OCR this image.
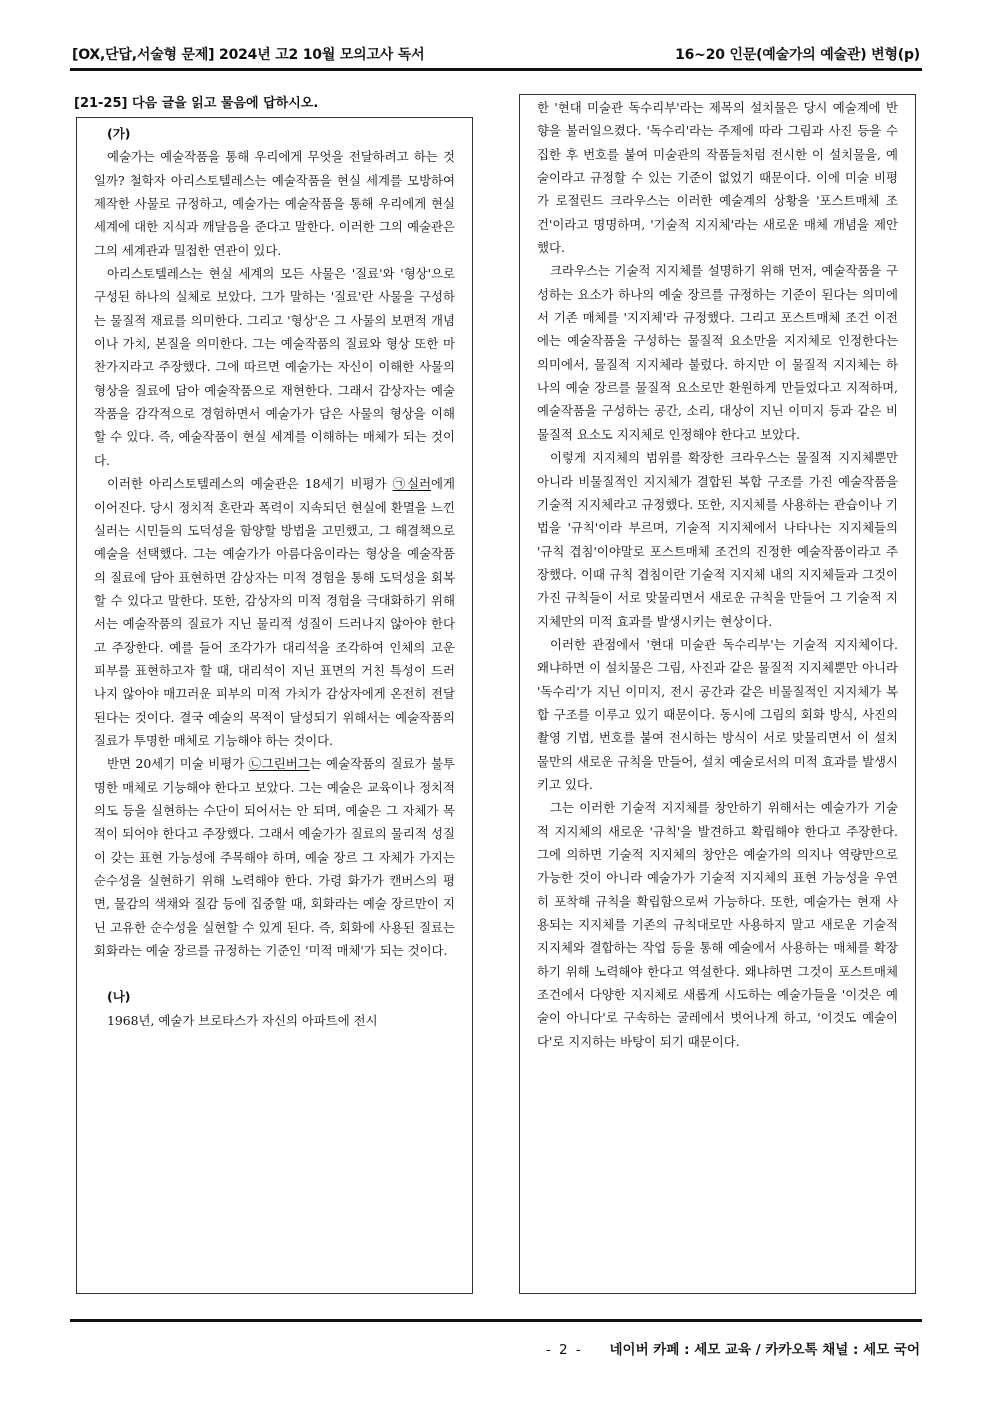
[OX,단답,서술형 문제] 2024년 고2 10월 모의고사 독서	16~20 인문(예술가의 예술관) 변형(p)
[21-25] 다음 글을 읽고 물음에 답하시오.

(가)

예술가는 예술작품을 통해 우리에게 무엇을 전달하려고 하는 것일까? 철학자 아리스토텔레스는 예술작품을 현실 세계를 모방하여 제작한 사물로 규정하고, 예술가는 예술작품을 통해 우리에게 현실 세계에 대한 지식과 깨달음을 준다고 말한다. 이러한 그의 예술관은 그의 세계관과 밀접한 연관이 있다.

아리스토텔레스는 현실 세계의 모든 사물은 '질료'와 '형상'으로 구성된 하나의 실체로 보았다. 그가 말하는 '질료'란 사물을 구성하는 물질적 재료를 의미한다. 그리고 '형상'은 그 사물의 보편적 개념이나 가치, 본질을 의미한다. 그는 예술작품의 질료와 형상 또한 마찬가지라고 주장했다. 그에 따르면 예술가는 자신이 이해한 사물의 형상을 질료에 담아 예술작품으로 재현한다. 그래서 감상자는 예술작품을 감각적으로 경험하면서 예술가가 담은 사물의 형상을 이해할 수 있다. 즉, 예술작품이 현실 세계를 이해하는 매체가 되는 것이다.

이러한 아리스토텔레스의 예술관은 18세기 비평가 ㉠실러에게 이어진다. 당시 정치적 혼란과 폭력이 지속되던 현실에 환멸을 느낀 실러는 시민들의 도덕성을 함양할 방법을 고민했고, 그 해결책으로 예술을 선택했다. 그는 예술가가 아름다움이라는 형상을 예술작품의 질료에 담아 표현하면 감상자는 미적 경험을 통해 도덕성을 회복할 수 있다고 말한다. 또한, 감상자의 미적 경험을 극대화하기 위해서는 예술작품의 질료가 지닌 물리적 성질이 드러나지 않아야 한다고 주장한다. 예를 들어 조각가가 대리석을 조각하여 인체의 고운 피부를 표현하고자 할 때, 대리석이 지닌 표면의 거친 특성이 드러나지 않아야 매끄러운 피부의 미적 가치가 감상자에게 온전히 전달된다는 것이다. 결국 예술의 목적이 달성되기 위해서는 예술작품의 질료가 투명한 매체로 기능해야 하는 것이다.

반면 20세기 미술 비평가 ㉡그린버그는 예술작품의 질료가 불투명한 매체로 기능해야 한다고 보았다. 그는 예술은 교육이나 정치적 의도 등을 실현하는 수단이 되어서는 안 되며, 예술은 그 자체가 목적이 되어야 한다고 주장했다. 그래서 예술가가 질료의 물리적 성질이 갖는 표현 가능성에 주목해야 하며, 예술 장르 그 자체가 가지는 순수성을 실현하기 위해 노력해야 한다. 가령 화가가 캔버스의 평면, 물감의 색채와 질감 등에 집중할 때, 회화라는 예술 장르만이 지닌 고유한 순수성을 실현할 수 있게 된다. 즉, 회화에 사용된 질료는 회화라는 예술 장르를 규정하는 기준인 '미적 매체'가 되는 것이다.

(나)

1968년, 예술가 브로타스가 자신의 아파트에 전시

한 '현대 미술관 독수리부'라는 제목의 설치물은 당시 예술계에 반향을 불러일으켰다. '독수리'라는 주제에 따라 그림과 사진 등을 수집한 후 번호를 붙여 미술관의 작품들처럼 전시한 이 설치물을, 예술이라고 규정할 수 있는 기준이 없었기 때문이다. 이에 미술 비평가 로절린드 크라우스는 이러한 예술계의 상황을 '포스트매체 조건'이라고 명명하며, '기술적 지지체'라는 새로운 매체 개념을 제안했다.

크라우스는 기술적 지지체를 설명하기 위해 먼저, 예술작품을 구성하는 요소가 하나의 예술 장르를 규정하는 기준이 된다는 의미에서 기존 매체를 '지지체'라 규정했다. 그리고 포스트매체 조건 이전에는 예술작품을 구성하는 물질적 요소만을 지지체로 인정한다는 의미에서, 물질적 지지체라 불렀다. 하지만 이 물질적 지지체는 하나의 예술 장르를 물질적 요소로만 환원하게 만들었다고 지적하며, 예술작품을 구성하는 공간, 소리, 대상이 지닌 이미지 등과 같은 비물질적 요소도 지지체로 인정해야 한다고 보았다.

이렇게 지지체의 범위를 확장한 크라우스는 물질적 지지체뿐만 아니라 비물질적인 지지체가 결합된 복합 구조를 가진 예술작품을 기술적 지지체라고 규정했다. 또한, 지지체를 사용하는 관습이나 기법을 '규칙'이라 부르며, 기술적 지지체에서 나타나는 지지체들의 '규칙 겹침'이야말로 포스트매체 조건의 진정한 예술작품이라고 주장했다. 이때 규칙 겹침이란 기술적 지지체 내의 지지체들과 그것이 가진 규칙들이 서로 맞물리면서 새로운 규칙을 만들어 그 기술적 지지체만의 미적 효과를 발생시키는 현상이다.

이러한 관점에서 '현대 미술관 독수리부'는 기술적 지지체이다. 왜냐하면 이 설치물은 그림, 사진과 같은 물질적 지지체뿐만 아니라 '독수리'가 지닌 이미지, 전시 공간과 같은 비물질적인 지지체가 복합 구조를 이루고 있기 때문이다. 동시에 그림의 회화 방식, 사진의 촬영 기법, 번호를 붙여 전시하는 방식이 서로 맞물리면서 이 설치물만의 새로운 규칙을 만들어, 설치 예술로서의 미적 효과를 발생시키고 있다.

그는 이러한 기술적 지지체를 창안하기 위해서는 예술가가 기술적 지지체의 새로운 '규칙'을 발견하고 확립해야 한다고 주장한다. 그에 의하면 기술적 지지체의 창안은 예술가의 의지나 역량만으로 가능한 것이 아니라 예술가가 기술적 지지체의 표현 가능성을 우연히 포착해 규칙을 확립함으로써 가능하다. 또한, 예술가는 현재 사용되는 지지체를 기존의 규칙대로만 사용하지 말고 새로운 기술적 지지체와 결합하는 작업 등을 통해 예술에서 사용하는 매체를 확장하기 위해 노력해야 한다고 역설한다. 왜냐하면 그것이 포스트매체 조건에서 다양한 지지체로 새롭게 시도하는 예술가들을 '이것은 예술이 아니다'로 구속하는 굴레에서 벗어나게 하고, '이것도 예술이다'로 지지하는 바탕이 되기 때문이다.

- 2 - 네이버 카페 : 세모 교육 / 카카오톡 채널 : 세모 국어
